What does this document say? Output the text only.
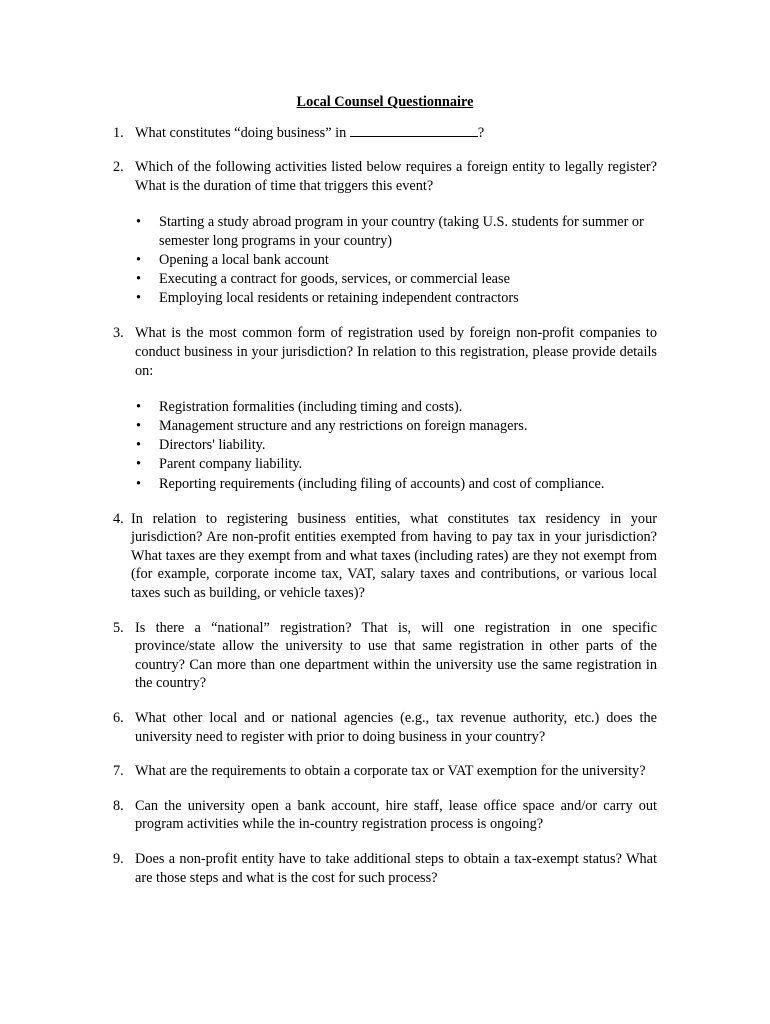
Local Counsel Questionnaire
1. What constitutes “doing business” in	?

2. Which of the following activities listed below requires a foreign entity to legally register? What is the duration of time that triggers this event?

•	Starting a study abroad program in your country (taking U.S. students for summer or semester long programs in your country)
•	Opening a local bank account
•	Executing a contract for goods, services, or commercial lease
•	Employing local residents or retaining independent contractors
3. What is the most common form of registration used by foreign non-profit companies to conduct business in your jurisdiction? In relation to this registration, please provide details on:

•	Registration formalities (including timing and costs).
•	Management structure and any restrictions on foreign managers.
•	Directors' liability.
•	Parent company liability.
•	Reporting requirements (including filing of accounts) and cost of compliance.
4. In relation to registering business entities, what constitutes tax residency in your jurisdiction? Are non-profit entities exempted from having to pay tax in your jurisdiction? What taxes are they exempt from and what taxes (including rates) are they not exempt from (for example, corporate income tax, VAT, salary taxes and contributions, or various local taxes such as building, or vehicle taxes)?

5. Is there a “national” registration? That is, will one registration in one specific province/state allow the university to use that same registration in other parts of the country? Can more than one department within the university use the same registration in the country?

6. What other local and or national agencies (e.g., tax revenue authority, etc.) does the university need to register with prior to doing business in your country?

7. What are the requirements to obtain a corporate tax or VAT exemption for the university?

8. Can the university open a bank account, hire staff, lease office space and/or carry out program activities while the in-country registration process is ongoing?

9. Does a non-profit entity have to take additional steps to obtain a tax-exempt status? What are those steps and what is the cost for such process?
